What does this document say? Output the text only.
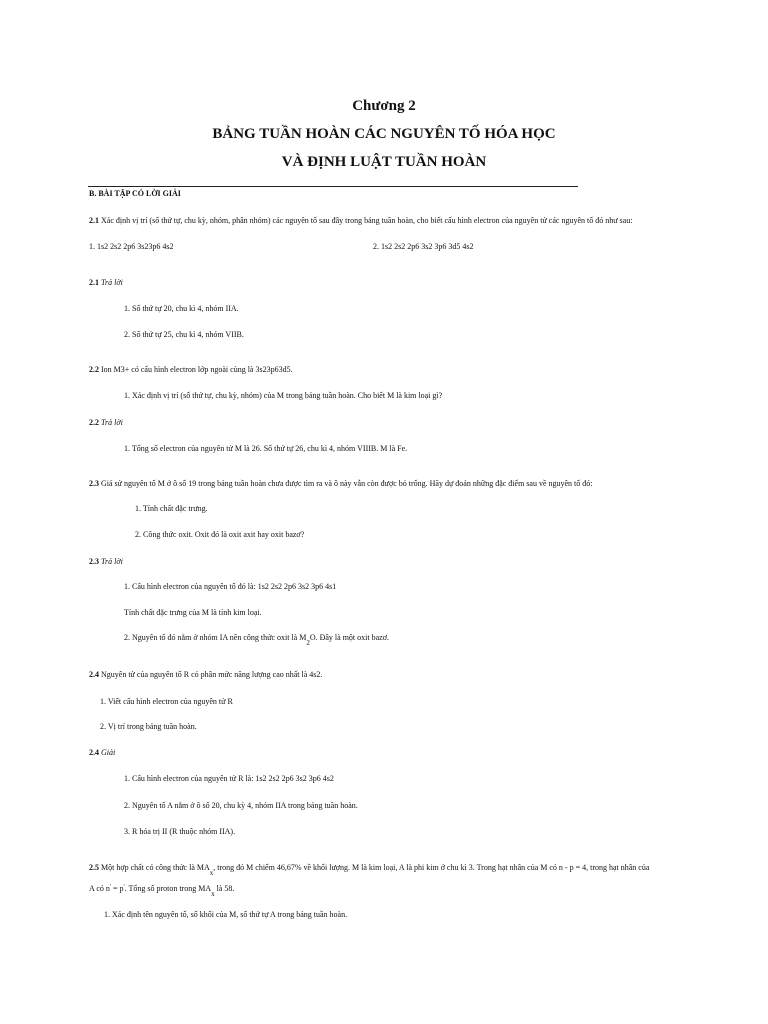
Chương 2
BẢNG TUẦN HOÀN CÁC NGUYÊN TỐ HÓA HỌC
VÀ ĐỊNH LUẬT TUẦN HOÀN
B. BÀI TẬP CÓ LỜI GIẢI
2.1 Xác định vị trí (số thứ tự, chu kỳ, nhóm, phân nhóm) các nguyên tố sau đây trong bảng tuần hoàn, cho biết cấu hình electron của nguyên tử các nguyên tố đó như sau:
1. 1s2 2s2 2p6 3s23p6 4s2	2. 1s2 2s2 2p6 3s2 3p6 3d5 4s2
2.1 Trả lời
1. Số thứ tự 20, chu kì 4, nhóm IIA.
2. Số thứ tự 25, chu kì 4, nhóm VIIB.
2.2 Ion M3+ có cấu hình electron lớp ngoài cùng là 3s23p63d5.
1. Xác định vị trí (số thứ tự, chu kỳ, nhóm) của M trong bảng tuần hoàn. Cho biết M là kim loại gì?
2.2 Trả lời
1. Tổng số electron của nguyên tử M là 26. Số thứ tự 26, chu kì 4, nhóm VIIIB. M là Fe.
2.3 Giả sử nguyên tố M ở ô số 19 trong bảng tuần hoàn chưa được tìm ra và ô này vẫn còn được bỏ trống. Hãy dự đoán những đặc điểm sau về nguyên tố đó:
1. Tính chất đặc trưng.
2. Công thức oxit. Oxit đó là oxit axit hay oxit bazơ?
2.3 Trả lời
1. Cấu hình electron của nguyên tố đó là: 1s2 2s2 2p6 3s2 3p6 4s1
Tính chất đặc trưng của M là tính kim loại.
2. Nguyên tố đó nằm ở nhóm IA nên công thức oxit là M2O. Đây là một oxit bazơ.
2.4 Nguyên tử của nguyên tố R có phân mức năng lượng cao nhất là 4s2.
1. Viết cấu hình electron của nguyên tử R
2. Vị trí trong bảng tuần hoàn.
2.4 Giải
1. Cấu hình electron của nguyên tử R là: 1s2 2s2 2p6 3s2 3p6 4s2
2. Nguyên tố A nằm ở ô số 20, chu kỳ 4, nhóm IIA trong bảng tuần hoàn.
3. R hóa trị II (R thuộc nhóm IIA).
2.5 Một hợp chất có công thức là MAx, trong đó M chiếm 46,67% về khối lượng. M là kim loại, A là phi kim ở chu kì 3. Trong hạt nhân của M có n - p = 4, trong hạt nhân của
A có n' = p'. Tổng số proton trong MAx là 58.
1. Xác định tên nguyên tố, số khối của M, số thứ tự A trong bảng tuần hoàn.
